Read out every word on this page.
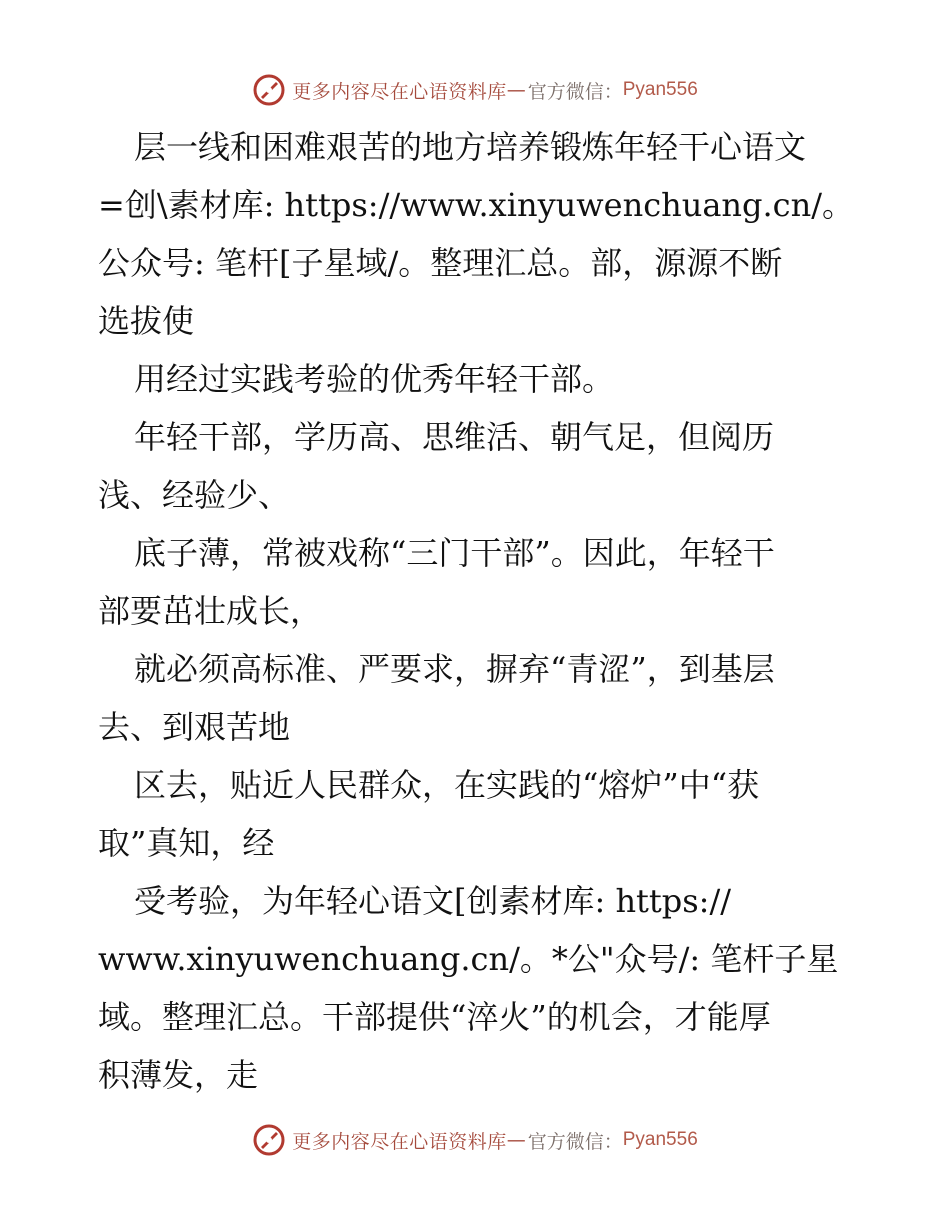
更多内容尽在心语资料库 — 官方微信： Pyan556
层一线和困难艰苦的地方培养锻炼年轻干心语文
=创\素材库: https://www.xinyuwenchuang.cn/。
公众号: 笔杆[子星域/。整理汇总。部，源源不断
选拔使
用经过实践考验的优秀年轻干部。
年轻干部，学历高、思维活、朝气足，但阅历
浅、经验少、
底子薄，常被戏称“三门干部”。因此，年轻干
部要茁壮成长，
就必须高标准、严要求，摒弃“青涩”，到基层
去、到艰苦地
区去，贴近人民群众，在实践的“熔炉”中“获
取”真知，经
受考验，为年轻心语文[创素材库: https://
www.xinyuwenchuang.cn/。*公"众号/: 笔杆子星
域。整理汇总。干部提供“淬火”的机会，才能厚
积薄发，走
更多内容尽在心语资料库 — 官方微信： Pyan556
